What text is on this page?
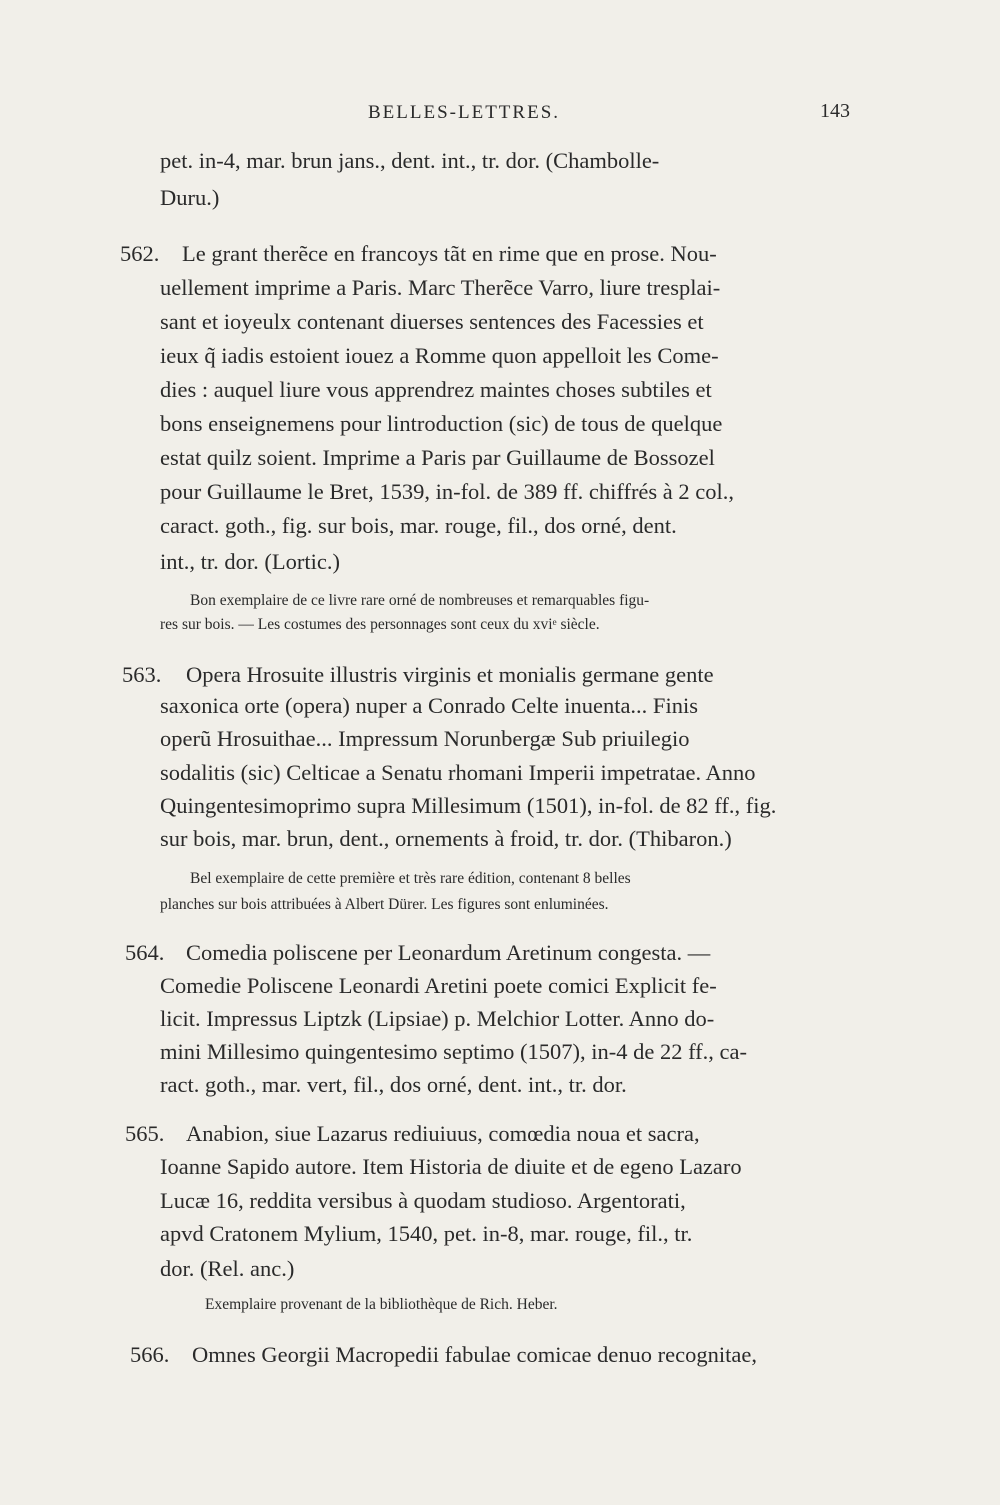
BELLES-LETTRES.	143
pet. in-4, mar. brun jans., dent. int., tr. dor. (Chambolle-
Duru.)
562. Le grant therẽce en francoys tãt en rime que en prose. Nou-
uellement imprime a Paris. Marc Therẽce Varro, liure tresplai-
sant et ioyeulx contenant diuerses sentences des Facessies et
ieux q̃ iadis estoient iouez a Romme quon appelloit les Come-
dies : auquel liure vous apprendrez maintes choses subtiles et
bons enseignemens pour lintroduction (sic) de tous de quelque
estat quilz soient. Imprime a Paris par Guillaume de Bossozel
pour Guillaume le Bret, 1539, in-fol. de 389 ff. chiffrés à 2 col.,
caract. goth., fig. sur bois, mar. rouge, fil., dos orné, dent.
int., tr. dor. (Lortic.)
Bon exemplaire de ce livre rare orné de nombreuses et remarquables figu-
res sur bois. — Les costumes des personnages sont ceux du xviᵉ siècle.
563. Opera Hrosuite illustris virginis et monialis germane gente
saxonica orte (opera) nuper a Conrado Celte inuenta... Finis
operũ Hrosuithae... Impressum Norunbergæ Sub priuilegio
sodalitis (sic) Celticae a Senatu rhomani Imperii impetratae. Anno
Quingentesimoprimo supra Millesimum (1501), in-fol. de 82 ff., fig.
sur bois, mar. brun, dent., ornements à froid, tr. dor. (Thibaron.)
Bel exemplaire de cette première et très rare édition, contenant 8 belles
planches sur bois attribuées à Albert Dürer. Les figures sont enluminées.
564. Comedia poliscene per Leonardum Aretinum congesta. —
Comedie Poliscene Leonardi Aretini poete comici Explicit fe-
licit. Impressus Liptzk (Lipsiae) p. Melchior Lotter. Anno do-
mini Millesimo quingentesimo septimo (1507), in-4 de 22 ff., ca-
ract. goth., mar. vert, fil., dos orné, dent. int., tr. dor.
565. Anabion, siue Lazarus rediuiuus, comœdia noua et sacra,
Ioanne Sapido autore. Item Historia de diuite et de egeno Lazaro
Lucæ 16, reddita versibus à quodam studioso. Argentorati,
apvd Cratonem Mylium, 1540, pet. in-8, mar. rouge, fil., tr.
dor. (Rel. anc.)
Exemplaire provenant de la bibliothèque de Rich. Heber.
566. Omnes Georgii Macropedii fabulae comicae denuo recognitae,
